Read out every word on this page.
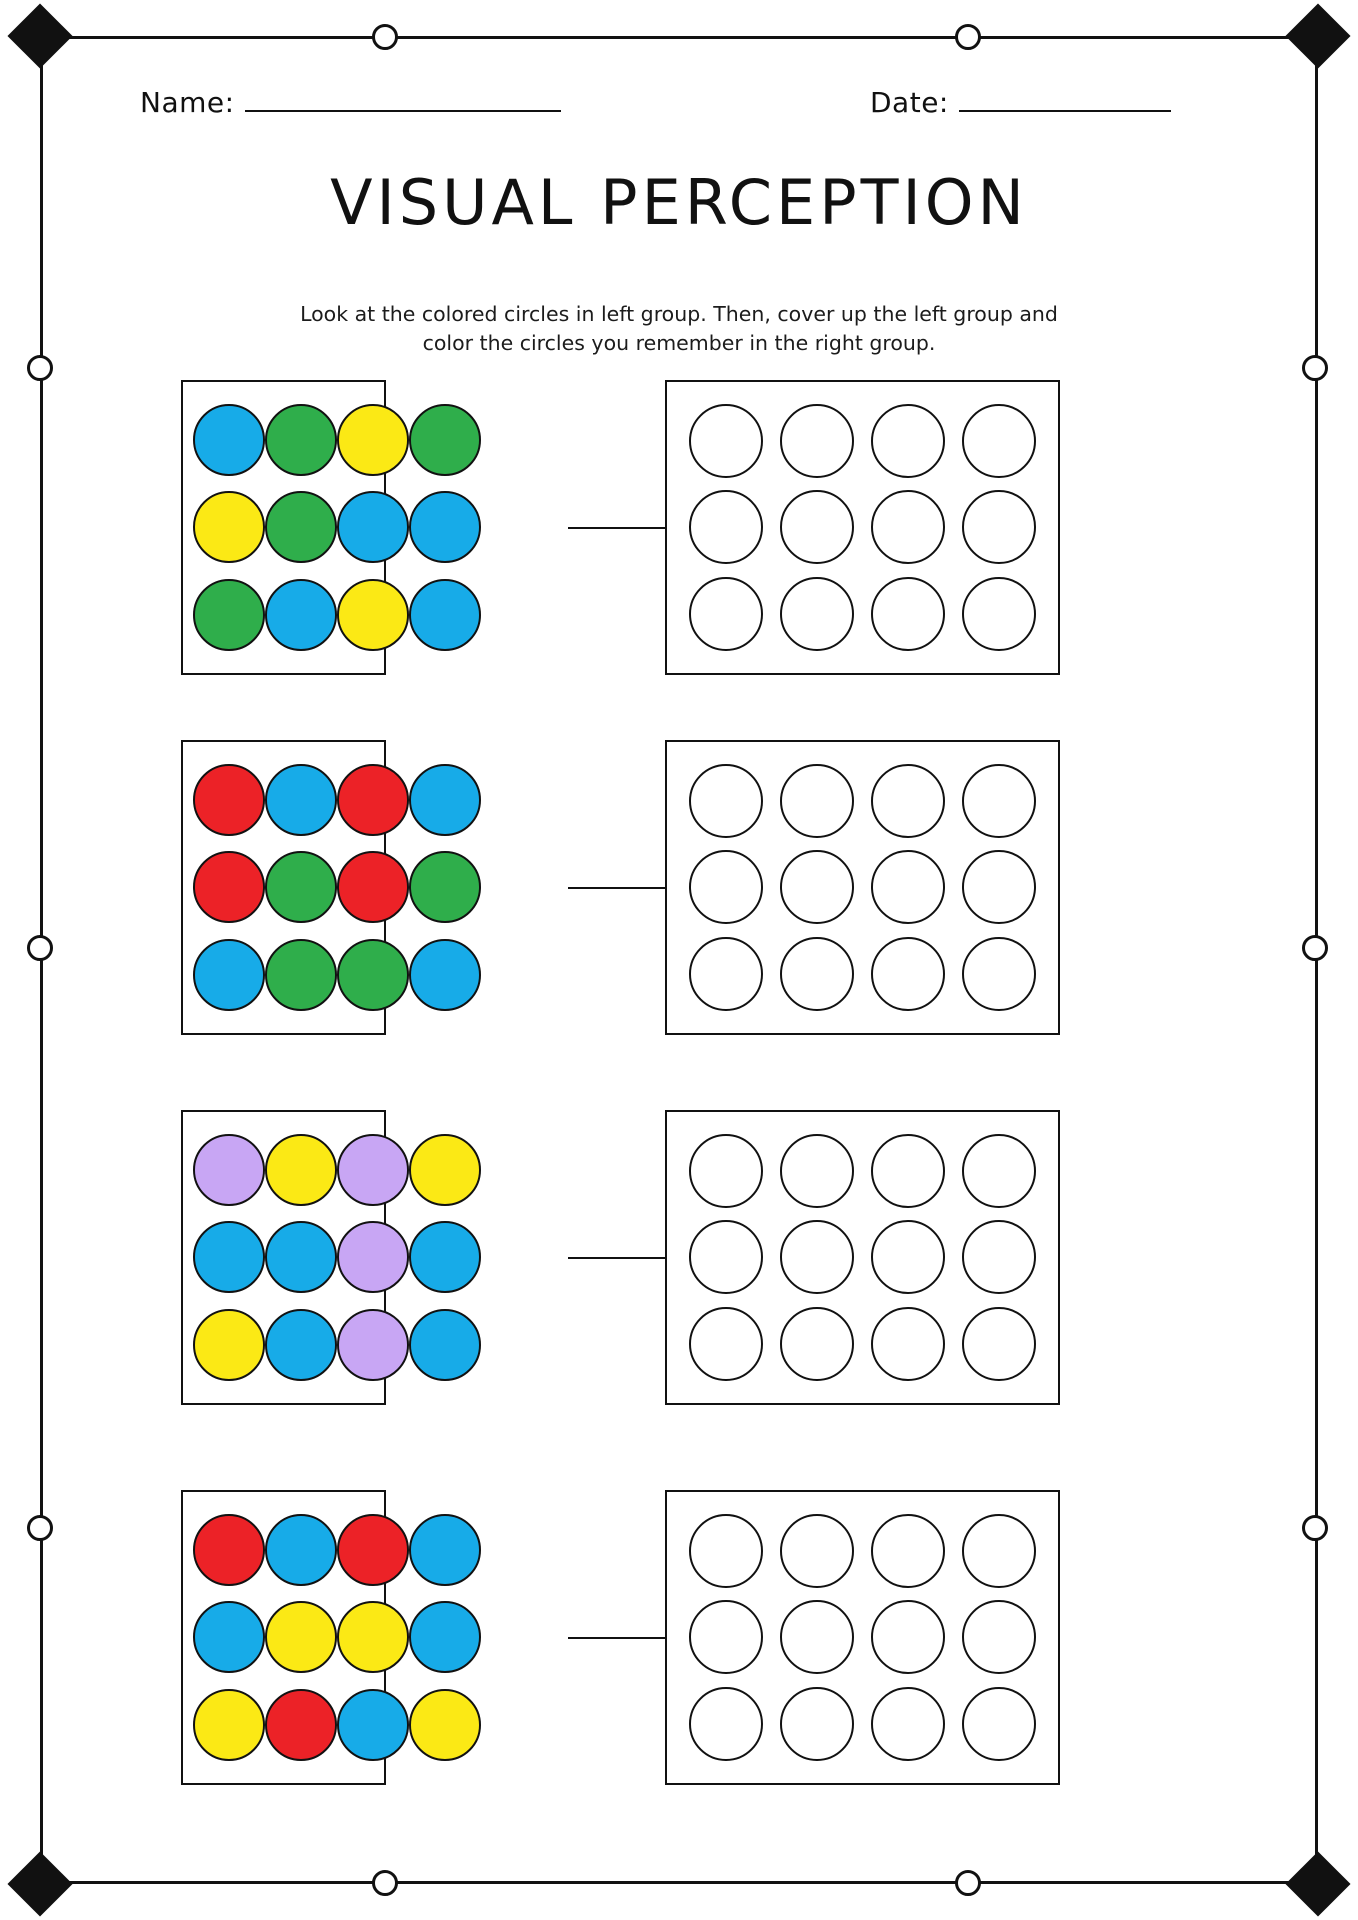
Name:	Date:
VISUAL PERCEPTION
Look at the colored circles in left group. Then, cover up the left group and color the circles you remember in the right group.
